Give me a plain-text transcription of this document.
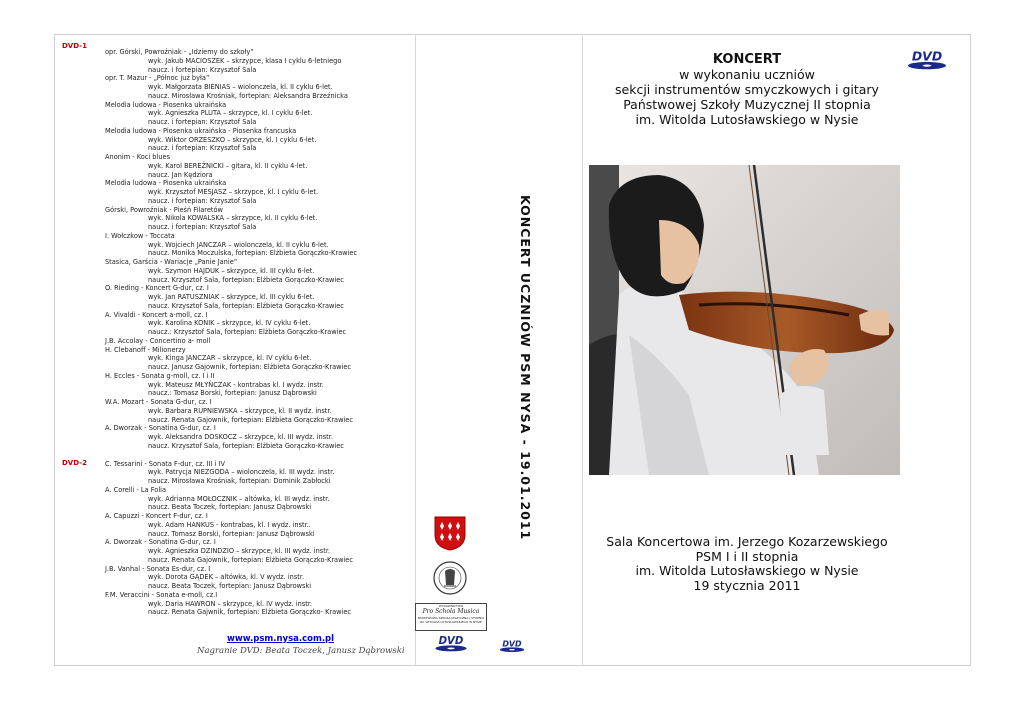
DVD-1
DVD-2
opr. Górski, Powroźniak - „Idziemy do szkoły”
wyk. Jakub MACIOSZEK – skrzypce, klasa I cyklu 6-letniego
naucz. i fortepian: Krzysztof Sala
opr. T. Mazur - „Północ już była”
wyk. Małgorzata BIENIAS – wiolonczela, kl. II cyklu 6-let.
naucz. Mirosława Krośniak, fortepian: Aleksandra Brzeźnicka
Melodia ludowa - Piosenka ukraińska
wyk. Agnieszka PLUTA – skrzypce, kl. I cyklu 6-let.
naucz. i fortepian: Krzysztof Sala
Melodia ludowa - Piosenka ukraińska - Piosenka francuska
wyk. Wiktor ORZESZKO – skrzypce, kl. I cyklu 6-let.
naucz. i fortepian: Krzysztof Sala
Anonim - Koci blues
wyk. Karol BEREŹNICKI – gitara, kl. II cyklu 4-let.
naucz. Jan Kędziora
Melodia ludowa - Piosenka ukraińska
wyk. Krzysztof MESJASZ – skrzypce, kl. I cyklu 6-let.
naucz. i fortepian: Krzysztof Sala
Górski, Powroźniak - Pieśń Filaretów
wyk. Nikola KOWALSKA – skrzypce, kl. II cyklu 6-let.
naucz. i fortepian: Krzysztof Sala
I. Wołczkow - Toccata
wyk. Wojciech JANCZAR – wiolonczela, kl. II cyklu 6-let.
naucz. Monika Moczulska, fortepian: Elżbieta Gorączko-Krawiec
Stasica, Garścia - Wariacje „Panie Janie”
wyk. Szymon HAJDUK – skrzypce, kl. III cyklu 6-let.
naucz. Krzysztof Sala, fortepian: Elżbieta Gorączko-Krawiec
O. Rieding - Koncert G-dur, cz. I
wyk. Jan RATUSZNIAK – skrzypce, kl. III cyklu 6-let.
naucz. Krzysztof Sala, fortepian: Elżbieta Gorączko-Krawiec
A. Vivaldi - Koncert a-moll, cz. I
wyk. Karolina KONIK – skrzypce, kl. IV cyklu 6-let.
naucz.: Krzysztof Sala, fortepian: Elżbieta Gorączko-Krawiec
J.B. Accolay - Concertino a- moll
H. Clebanoff - Milionerzy
wyk. Kinga JANCZAR – skrzypce, kl. IV cyklu 6-let.
naucz. Janusz Gajownik, fortepian: Elżbieta Gorączko-Krawiec
H. Eccles - Sonata g-moll, cz. I i II
wyk. Mateusz MŁYŃCZAK - kontrabas kl. I wydz. instr.
naucz.: Tomasz Borski, fortepian: Janusz Dąbrowski
W.A. Mozart - Sonata G-dur, cz. I
wyk. Barbara RUPNIEWSKA – skrzypce, kl. II wydz. instr.
naucz. Renata Gajownik, fortepian: Elżbieta Gorączko-Krawiec
A. Dworzak - Sonatina G-dur, cz. I
wyk. Aleksandra DOSKOCZ – skrzypce, kl. III wydz. instr.
naucz. Krzysztof Sala, fortepian: Elżbieta Gorączko-Krawiec
C. Tessarini - Sonata F-dur, cz. III i IV
wyk. Patrycja NIEZGODA – wiolonczela, kl. III wydz. instr.
naucz. Mirosława Krośniak, fortepian: Dominik Zabłocki
A. Corelli - La Folia
wyk. Adrianna MOŁOCZNIK – altówka, kl. III wydz. instr.
naucz. Beata Toczek, fortepian: Janusz Dąbrowski
A. Capuzzi - Koncert F-dur, cz. I
wyk. Adam HANKUS - kontrabas, kl. I wydz. instr..
naucz. Tomasz Borski, fortepian: Janusz Dąbrowski
A. Dworzak - Sonatina G-dur, cz. I
wyk. Agnieszka DZINDZIO – skrzypce, kl. III wydz. instr.
naucz. Renata Gajownik, fortepian: Elżbieta Gorączko-Krawiec
J.B. Vanhal - Sonata Es-dur, cz. I
wyk. Dorota GĄDEK – altówka, kl. V wydz. instr.
naucz. Beata Toczek, fortepian: Janusz Dąbrowski
F.M. Veraccini - Sonata e-moll, cz.I
wyk. Daria HAWRON – skrzypce, kl. IV wydz. instr.
naucz. Renata Gajwnik, fortepian: Elżbieta Gorączko- Krawiec
www.psm.nysa.com.pl
Nagranie DVD: Beata Toczek, Janusz Dąbrowski
KONCERT UCZNIÓW PSM NYSA - 19.01.2011
WYDAWNICTWO
Pro Schola Musica
PAŃSTWOWA SZKOŁA MUZYCZNA I STOPNIA
IM. WITOLDA LUTOSŁAWSKIEGO W NYSIE
DVD DVD
KONCERT
w wykonaniu uczniów
sekcji instrumentów smyczkowych i gitary
Państwowej Szkoły Muzycznej II stopnia
im. Witolda Lutosławskiego w Nysie
DVD
Sala Koncertowa im. Jerzego Kozarzewskiego
PSM I i II stopnia
im. Witolda Lutosławskiego w Nysie
19 stycznia 2011
